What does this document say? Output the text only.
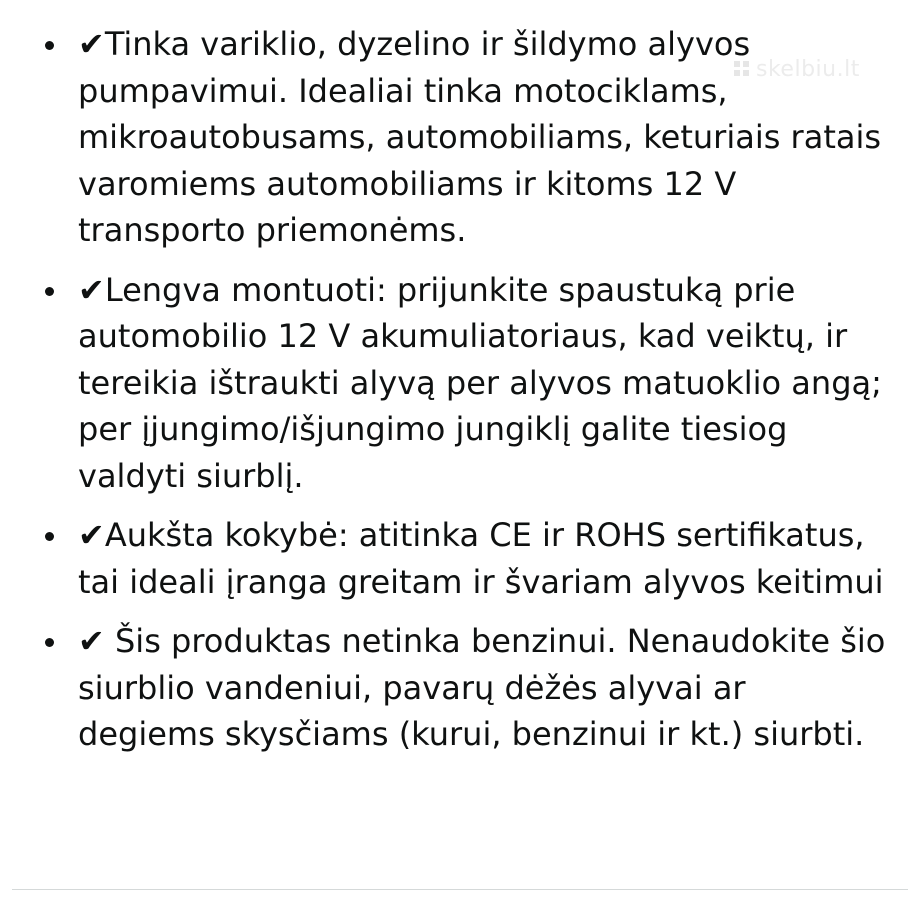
skelbiu.lt
✔Tinka variklio, dyzelino ir šildymo alyvos pumpavimui. Idealiai tinka motociklams, mikroautobusams, automobiliams, keturiais ratais varomiems automobiliams ir kitoms 12 V transporto priemonėms.
✔Lengva montuoti: prijunkite spaustuką prie automobilio 12 V akumuliatoriaus, kad veiktų, ir tereikia ištraukti alyvą per alyvos matuoklio angą; per įjungimo/išjungimo jungiklį galite tiesiog valdyti siurblį.
✔Aukšta kokybė: atitinka CE ir ROHS sertifikatus, tai ideali įranga greitam ir švariam alyvos keitimui
✔ Šis produktas netinka benzinui. Nenaudokite šio siurblio vandeniui, pavarų dėžės alyvai ar degiems skysčiams (kurui, benzinui ir kt.) siurbti.
